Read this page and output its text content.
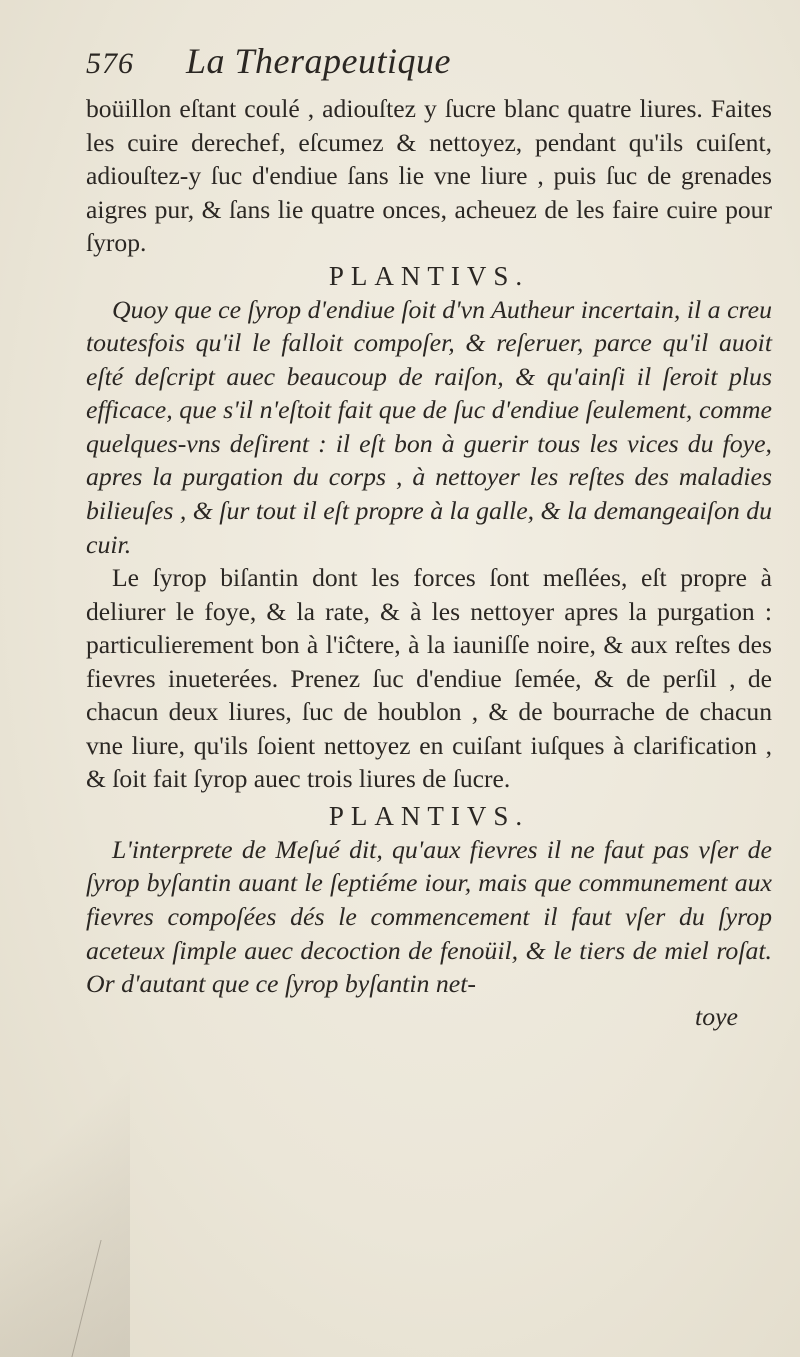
576	La Therapeutique

boüillon eſtant coulé , adiouſtez y ſucre blanc quatre liures. Faites les cuire derechef, eſcumez & nettoyez, pendant qu'ils cuiſent, adiouſtez-y ſuc d'endiue ſans lie vne liure , puis ſuc de grenades aigres pur, & ſans lie quatre onces, acheuez de les faire cuire pour ſyrop.

PLANTIVS.

Quoy que ce ſyrop d'endiue ſoit d'vn Autheur incertain, il a creu toutesfois qu'il le falloit compoſer, & reſeruer, parce qu'il auoit eſté deſcript auec beaucoup de raiſon, & qu'ainſi il ſeroit plus efficace, que s'il n'eſtoit fait que de ſuc d'endiue ſeulement, comme quelques-vns deſirent : il eſt bon à guerir tous les vices du foye, apres la purgation du corps , à nettoyer les reſtes des maladies bilieuſes , & ſur tout il eſt propre à la galle, & la demangeaiſon du cuir.

Le ſyrop biſantin dont les forces ſont meſlées, eſt propre à deliurer le foye, & la rate, & à les nettoyer apres la purgation : particulierement bon à l'iĉtere, à la iauniſſe noire, & aux reſtes des fievres inueterées. Prenez ſuc d'endiue ſemée, & de perſil , de chacun deux liures, ſuc de houblon , & de bourrache de chacun vne liure, qu'ils ſoient nettoyez en cuiſant iuſques à clarification , & ſoit fait ſyrop auec trois liures de ſucre.

PLANTIVS.

L'interprete de Meſué dit, qu'aux fievres il ne faut pas vſer de ſyrop byſantin auant le ſeptiéme iour, mais que communement aux fievres compoſées dés le commencement il faut vſer du ſyrop aceteux ſimple auec decoction de fenoüil, & le tiers de miel roſat. Or d'autant que ce ſyrop byſantin net-

toye
